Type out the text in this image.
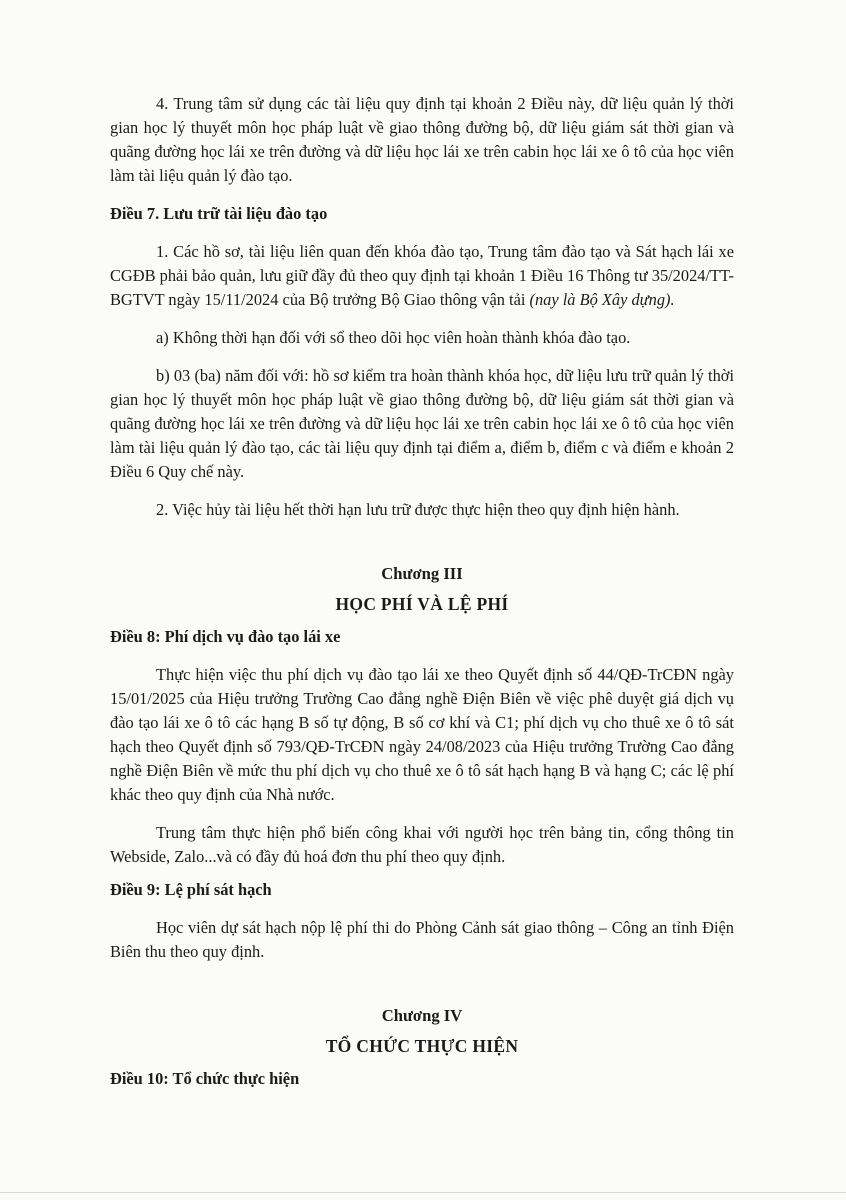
4. Trung tâm sử dụng các tài liệu quy định tại khoản 2 Điều này, dữ liệu quản lý thời gian học lý thuyết môn học pháp luật về giao thông đường bộ, dữ liệu giám sát thời gian và quãng đường học lái xe trên đường và dữ liệu học lái xe trên cabin học lái xe ô tô của học viên làm tài liệu quản lý đào tạo.

Điều 7. Lưu trữ tài liệu đào tạo

1. Các hồ sơ, tài liệu liên quan đến khóa đào tạo, Trung tâm đào tạo và Sát hạch lái xe CGĐB phải bảo quản, lưu giữ đầy đủ theo quy định tại khoản 1 Điều 16 Thông tư 35/2024/TT-BGTVT ngày 15/11/2024 của Bộ trưởng Bộ Giao thông vận tải (nay là Bộ Xây dựng).

a) Không thời hạn đối với sổ theo dõi học viên hoàn thành khóa đào tạo.

b) 03 (ba) năm đối với: hồ sơ kiểm tra hoàn thành khóa học, dữ liệu lưu trữ quản lý thời gian học lý thuyết môn học pháp luật về giao thông đường bộ, dữ liệu giám sát thời gian và quãng đường học lái xe trên đường và dữ liệu học lái xe trên cabin học lái xe ô tô của học viên làm tài liệu quản lý đào tạo, các tài liệu quy định tại điểm a, điểm b, điểm c và điểm e khoản 2 Điều 6 Quy chế này.

2. Việc hủy tài liệu hết thời hạn lưu trữ được thực hiện theo quy định hiện hành.

Chương III

HỌC PHÍ VÀ LỆ PHÍ

Điều 8: Phí dịch vụ đào tạo lái xe

Thực hiện việc thu phí dịch vụ đào tạo lái xe theo Quyết định số 44/QĐ-TrCĐN ngày 15/01/2025 của Hiệu trưởng Trường Cao đẳng nghề Điện Biên về việc phê duyệt giá dịch vụ đào tạo lái xe ô tô các hạng B số tự động, B số cơ khí và C1; phí dịch vụ cho thuê xe ô tô sát hạch theo Quyết định số 793/QĐ-TrCĐN ngày 24/08/2023 của Hiệu trưởng Trường Cao đẳng nghề Điện Biên về mức thu phí dịch vụ cho thuê xe ô tô sát hạch hạng B và hạng C; các lệ phí khác theo quy định của Nhà nước.

Trung tâm thực hiện phổ biến công khai với người học trên bảng tin, cổng thông tin Webside, Zalo...và có đầy đủ hoá đơn thu phí theo quy định.

Điều 9: Lệ phí sát hạch

Học viên dự sát hạch nộp lệ phí thi do Phòng Cảnh sát giao thông – Công an tỉnh Điện Biên thu theo quy định.

Chương IV

TỔ CHỨC THỰC HIỆN

Điều 10: Tổ chức thực hiện
